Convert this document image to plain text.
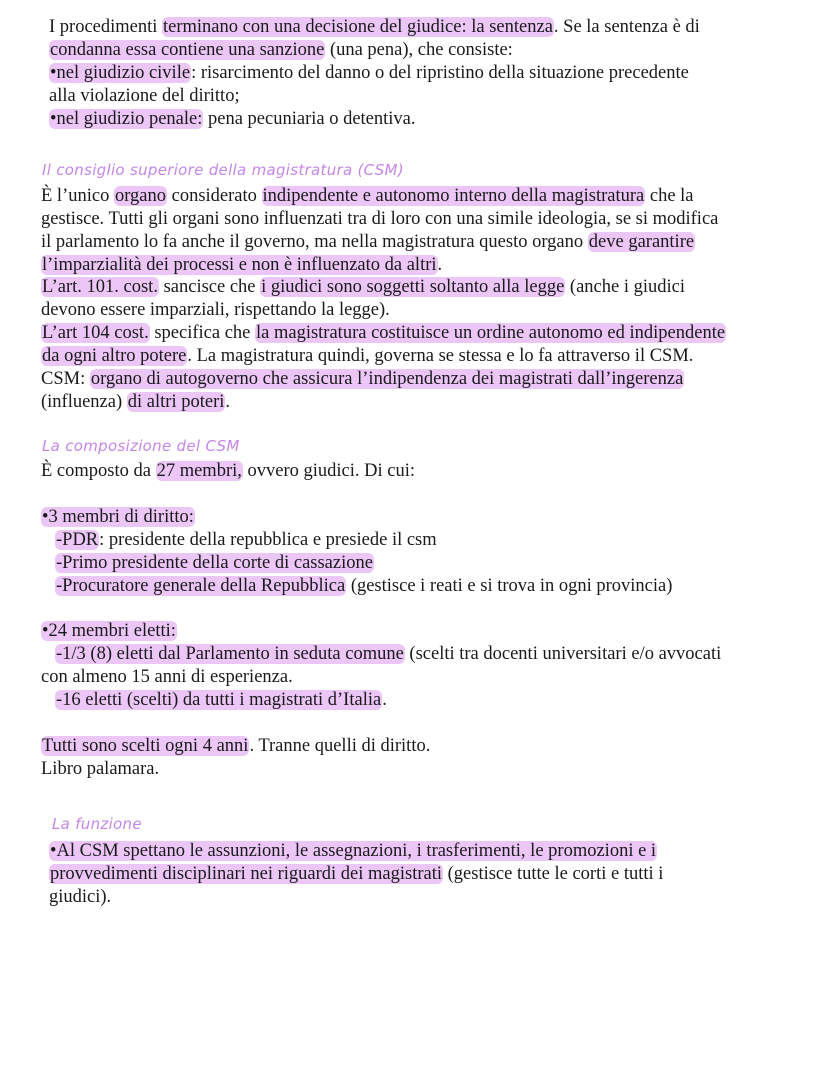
I procedimenti terminano con una decisione del giudice: la sentenza. Se la sentenza è di

condanna essa contiene una sanzione (una pena), che consiste:

•nel giudizio civile: risarcimento del danno o del ripristino della situazione precedente

alla violazione del diritto;

•nel giudizio penale: pena pecuniaria o detentiva.

Il consiglio superiore della magistratura (CSM)

È l’unico organo considerato indipendente e autonomo interno della magistratura che la

gestisce. Tutti gli organi sono influenzati tra di loro con una simile ideologia, se si modifica

il parlamento lo fa anche il governo, ma nella magistratura questo organo deve garantire

l’imparzialità dei processi e non è influenzato da altri.

L’art. 101. cost. sancisce che i giudici sono soggetti soltanto alla legge (anche i giudici

devono essere imparziali, rispettando la legge).

L’art 104 cost. specifica che la magistratura costituisce un ordine autonomo ed indipendente

da ogni altro potere. La magistratura quindi, governa se stessa e lo fa attraverso il CSM.

CSM: organo di autogoverno che assicura l’indipendenza dei magistrati dall’ingerenza

(influenza) di altri poteri.

La composizione del CSM

È composto da 27 membri, ovvero giudici. Di cui:

•3 membri di diritto:

-PDR: presidente della repubblica e presiede il csm

-Primo presidente della corte di cassazione

-Procuratore generale della Repubblica (gestisce i reati e si trova in ogni provincia)

•24 membri eletti:

-1/3 (8) eletti dal Parlamento in seduta comune (scelti tra docenti universitari e/o avvocati

con almeno 15 anni di esperienza.

-16 eletti (scelti) da tutti i magistrati d’Italia.

Tutti sono scelti ogni 4 anni. Tranne quelli di diritto.

Libro palamara.

La funzione

•Al CSM spettano le assunzioni, le assegnazioni, i trasferimenti, le promozioni e i

provvedimenti disciplinari nei riguardi dei magistrati (gestisce tutte le corti e tutti i

giudici).
